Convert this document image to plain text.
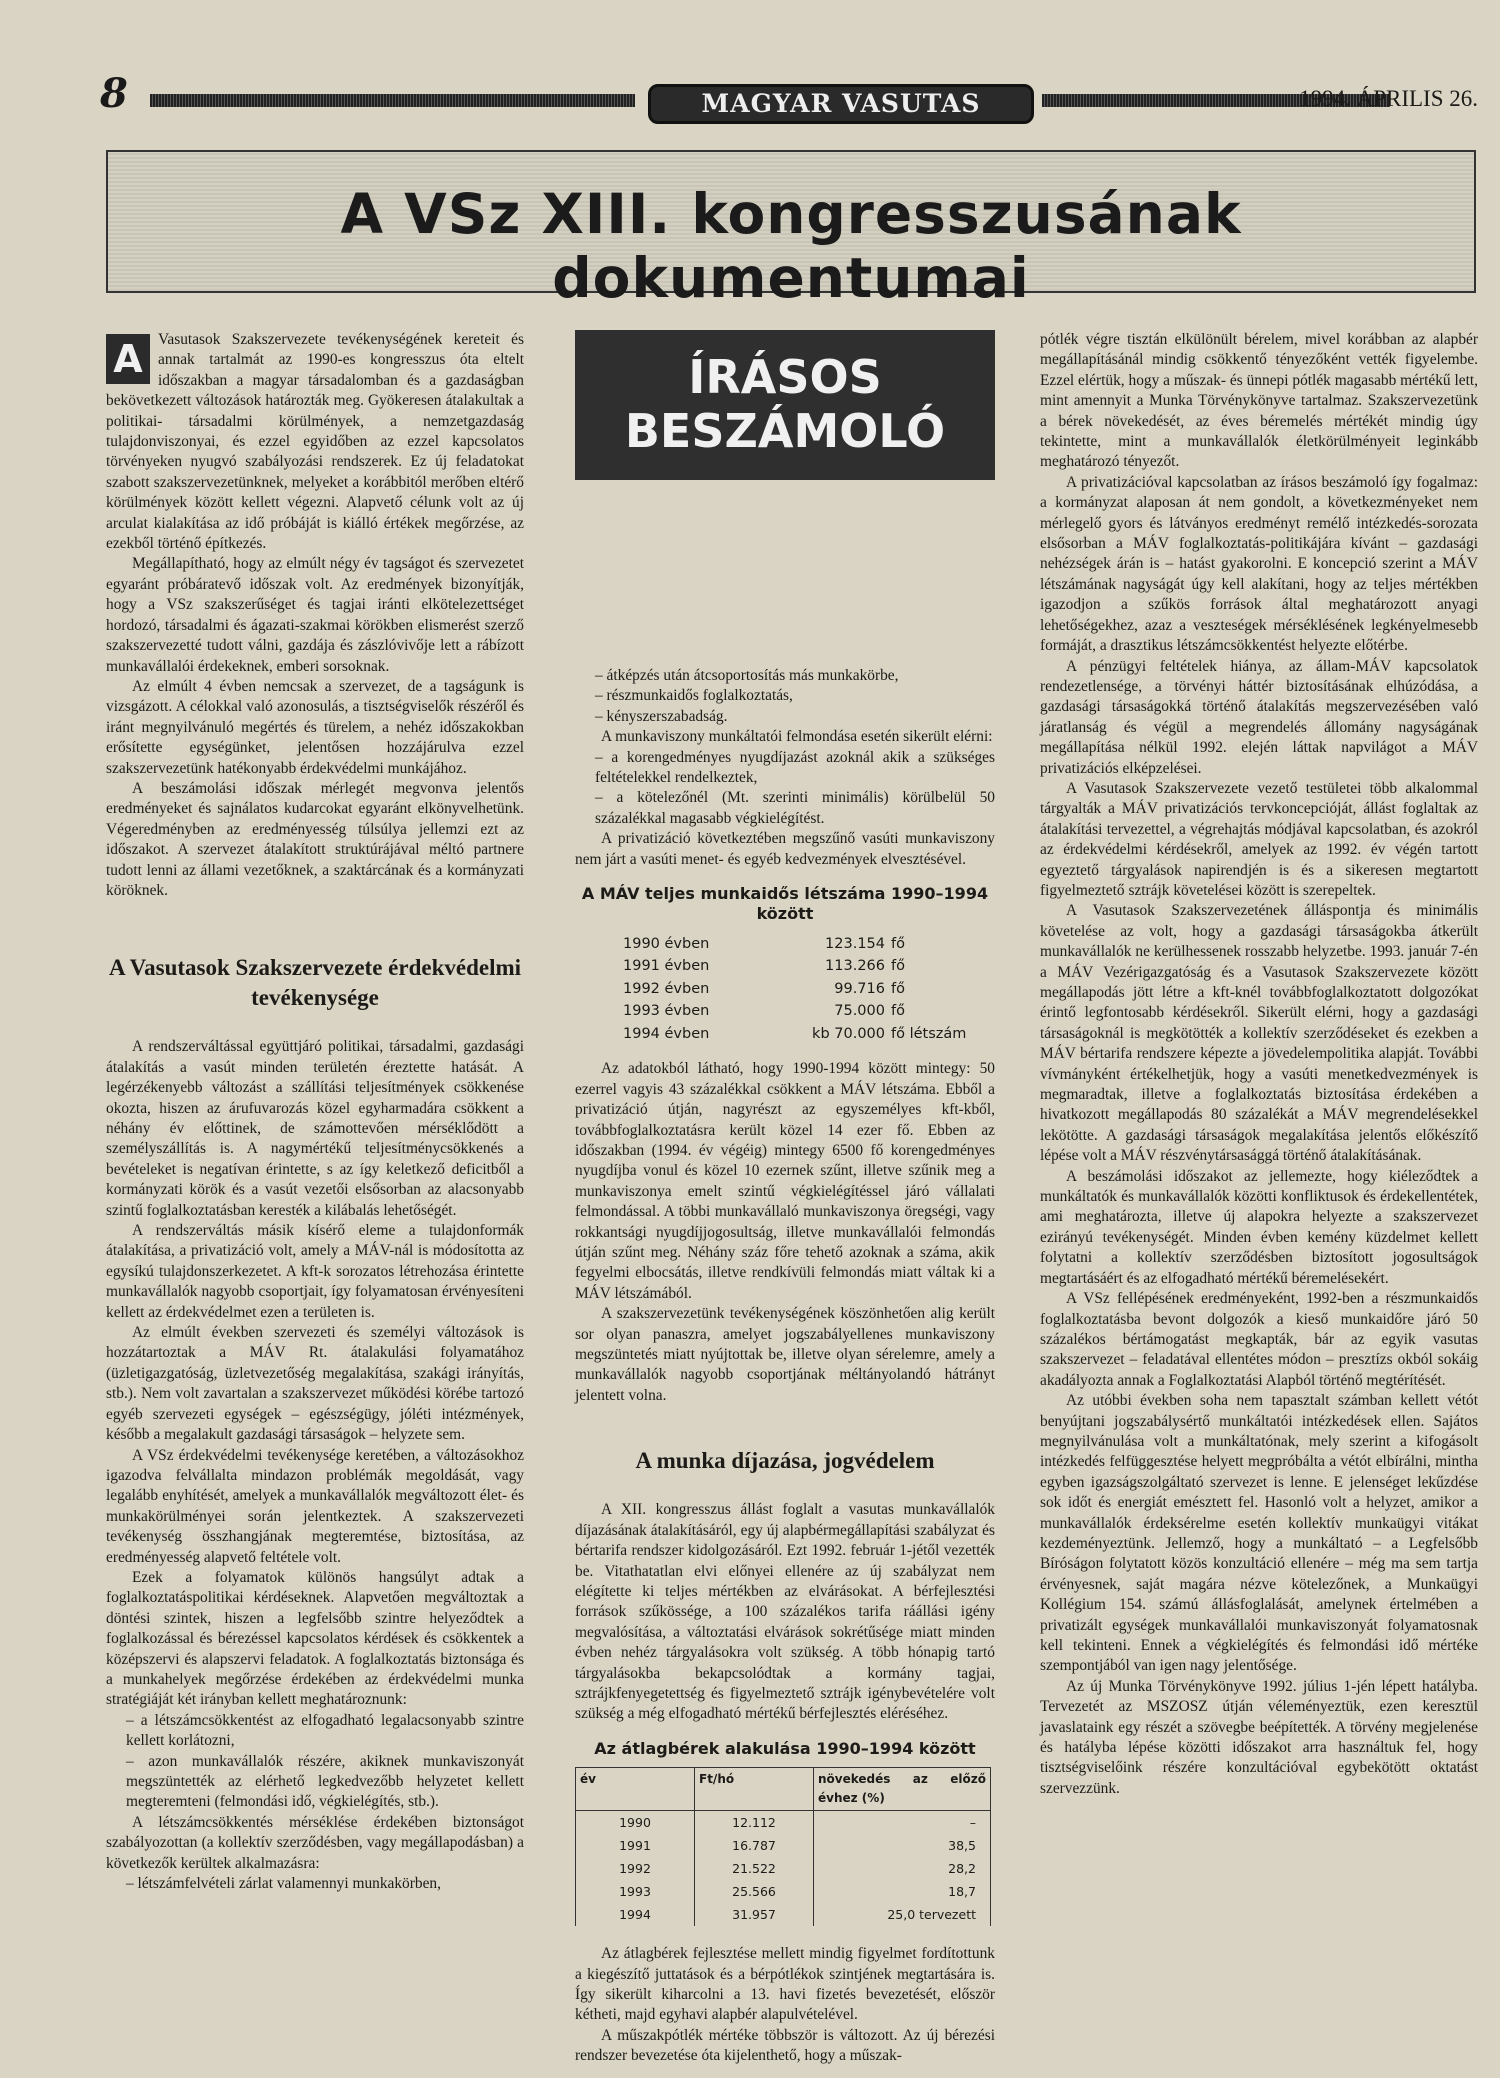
8	MAGYAR VASUTAS	1994. ÁPRILIS 26.
A VSz XIII. kongresszusának dokumentumai
A Vasutasok Szakszervezete tevékenységének kereteit és annak tartalmát az 1990-es kongresszus óta eltelt időszakban a magyar társadalomban és a gazdaságban bekövetkezett változások határozták meg. Gyökeresen átalakultak a politikai- társadalmi körülmények, a nemzetgazdaság tulajdonviszonyai, és ezzel egyidőben az ezzel kapcsolatos törvényeken nyugvó szabályozási rendszerek. Ez új feladatokat szabott szakszervezetünknek, melyeket a korábbitól merőben eltérő körülmények között kellett végezni. Alapvető célunk volt az új arculat kialakítása az idő próbáját is kiálló értékek megőrzése, az ezekből történő építkezés.

Megállapítható, hogy az elmúlt négy év tagságot és szervezetet egyaránt próbáratevő időszak volt. Az eredmények bizonyítják, hogy a VSz szakszerűséget és tagjai iránti elkötelezettséget hordozó, társadalmi és ágazati-szakmai körökben elismerést szerző szakszervezetté tudott válni, gazdája és zászlóvivője lett a rábízott munkavállalói érdekeknek, emberi sorsoknak.

Az elmúlt 4 évben nemcsak a szervezet, de a tagságunk is vizsgázott. A célokkal való azonosulás, a tisztségviselők részéről és iránt megnyilvánuló megértés és türelem, a nehéz időszakokban erősítette egységünket, jelentősen hozzájárulva ezzel szakszervezetünk hatékonyabb érdekvédelmi munkájához.

A beszámolási időszak mérlegét megvonva jelentős eredményeket és sajnálatos kudarcokat egyaránt elkönyvelhetünk. Végeredményben az eredményesség túlsúlya jellemzi ezt az időszakot. A szervezet átalakított struktúrájával méltó partnere tudott lenni az állami vezetőknek, a szaktárcának és a kormányzati köröknek.

A Vasutasok Szakszervezete érdekvédelmi tevékenysége

A rendszerváltással együttjáró politikai, társadalmi, gazdasági átalakítás a vasút minden területén éreztette hatását. A legérzékenyebb változást a szállítási teljesítmények csökkenése okozta, hiszen az árufuvarozás közel egyharmadára csökkent a néhány év előttinek, de számottevően mérséklődött a személyszállítás is. A nagymértékű teljesítménycsökkenés a bevételeket is negatívan érintette, s az így keletkező deficitből a kormányzati körök és a vasút vezetői elsősorban az alacsonyabb szintű foglalkoztatásban keresték a kilábalás lehetőségét.

A rendszerváltás másik kísérő eleme a tulajdonformák átalakítása, a privatizáció volt, amely a MÁV-nál is módosította az egysíkú tulajdonszerkezetet. A kft-k sorozatos létrehozása érintette munkavállalók nagyobb csoportjait, így folyamatosan érvényesíteni kellett az érdekvédelmet ezen a területen is.

Az elmúlt években szervezeti és személyi változások is hozzátartoztak a MÁV Rt. átalakulási folyamatához (üzletigazgatóság, üzletvezetőség megalakítása, szakági irányítás, stb.). Nem volt zavartalan a szakszervezet működési körébe tartozó egyéb szervezeti egységek – egészségügy, jóléti intézmények, később a megalakult gazdasági társaságok – helyzete sem.

A VSz érdekvédelmi tevékenysége keretében, a változásokhoz igazodva felvállalta mindazon problémák megoldását, vagy legalább enyhítését, amelyek a munkavállalók megváltozott élet- és munkakörülményei során jelentkeztek. A szakszervezeti tevékenység összhangjának megteremtése, biztosítása, az eredményesség alapvető feltétele volt.

Ezek a folyamatok különös hangsúlyt adtak a foglalkoztatáspolitikai kérdéseknek. Alapvetően megváltoztak a döntési szintek, hiszen a legfelsőbb szintre helyeződtek a foglalkozással és bérezéssel kapcsolatos kérdések és csökkentek a középszervi és alapszervi feladatok. A foglalkoztatás biztonsága és a munkahelyek megőrzése érdekében az érdekvédelmi munka stratégiáját két irányban kellett meghatároznunk:

– a létszámcsökkentést az elfogadható legalacsonyabb szintre kellett korlátozni,

– azon munkavállalók részére, akiknek munkaviszonyát megszüntették az elérhető legkedvezőbb helyzetet kellett megteremteni (felmondási idő, végkielégítés, stb.).

A létszámcsökkentés mérséklése érdekében biztonságot szabályozottan (a kollektív szerződésben, vagy megállapodásban) a következők kerültek alkalmazásra:

– létszámfelvételi zárlat valamennyi munkakörben,

ÍRÁSOS
BESZÁMOLÓ

– átképzés után átcsoportosítás más munkakörbe,

– részmunkaidős foglalkoztatás,

– kényszerszabadság.

A munkaviszony munkáltatói felmondása esetén sikerült elérni:

– a korengedményes nyugdíjazást azoknál akik a szükséges feltételekkel rendelkeztek,

– a kötelezőnél (Mt. szerinti minimális) körülbelül 50 százalékkal magasabb végkielégítést.

A privatizáció következtében megszűnő vasúti munkaviszony nem járt a vasúti menet- és egyéb kedvezmények elvesztésével.

A MÁV teljes munkaidős létszáma 1990–1994 között
1990 évben	123.154	fő
1991 évben	113.266	fő
1992 évben	99.716	fő
1993 évben	75.000	fő
1994 évben	kb 70.000	fő létszám

Az adatokból látható, hogy 1990-1994 között mintegy: 50 ezerrel vagyis 43 százalékkal csökkent a MÁV létszáma. Ebből a privatizáció útján, nagyrészt az egyszemélyes kft-kből, továbbfoglalkoztatásra került közel 14 ezer fő. Ebben az időszakban (1994. év végéig) mintegy 6500 fő korengedményes nyugdíjba vonul és közel 10 ezernek szűnt, illetve szűnik meg a munkaviszonya emelt szintű végkielégítéssel járó vállalati felmondással. A többi munkavállaló munkaviszonya öregségi, vagy rokkantsági nyugdíjjogosultság, illetve munkavállalói felmondás útján szűnt meg. Néhány száz főre tehető azoknak a száma, akik fegyelmi elbocsátás, illetve rendkívüli felmondás miatt váltak ki a MÁV létszámából.

A szakszervezetünk tevékenységének köszönhetően alig került sor olyan panaszra, amelyet jogszabályellenes munkaviszony megszüntetés miatt nyújtottak be, illetve olyan sérelemre, amely a munkavállalók nagyobb csoportjának méltányolandó hátrányt jelentett volna.

A munka díjazása, jogvédelem

A XII. kongresszus állást foglalt a vasutas munkavállalók díjazásának átalakításáról, egy új alapbérmegállapítási szabályzat és bértarifa rendszer kidolgozásáról. Ezt 1992. február 1-jétől vezették be. Vitathatatlan elvi előnyei ellenére az új szabályzat nem elégítette ki teljes mértékben az elvárásokat. A bérfejlesztési források szűkössége, a 100 százalékos tarifa ráállási igény megvalósítása, a változtatási elvárások sokrétűsége miatt minden évben nehéz tárgyalásokra volt szükség. A több hónapig tartó tárgyalásokba bekapcsolódtak a kormány tagjai, sztrájkfenyegetettség és figyelmeztető sztrájk igénybevételére volt szükség a még elfogadható mértékű bérfejlesztés eléréséhez.

Az átlagbérek alakulása 1990–1994 között
év	Ft/hó	növekedés az előző évhez (%)
1990	12.112	–
1991	16.787	38,5
1992	21.522	28,2
1993	25.566	18,7
1994	31.957	25,0 tervezett

Az átlagbérek fejlesztése mellett mindig figyelmet fordítottunk a kiegészítő juttatások és a bérpótlékok szintjének megtartására is. Így sikerült kiharcolni a 13. havi fizetés bevezetését, először kétheti, majd egyhavi alapbér alapulvételével.

A műszakpótlék mértéke többször is változott. Az új bérezési rendszer bevezetése óta kijelenthető, hogy a műszak-

pótlék végre tisztán elkülönült bérelem, mivel korábban az alapbér megállapításánál mindig csökkentő tényezőként vették figyelembe. Ezzel elértük, hogy a műszak- és ünnepi pótlék magasabb mértékű lett, mint amennyit a Munka Törvénykönyve tartalmaz. Szakszervezetünk a bérek növekedését, az éves béremelés mértékét mindig úgy tekintette, mint a munkavállalók életkörülményeit leginkább meghatározó tényezőt.

A privatizációval kapcsolatban az írásos beszámoló így fogalmaz: a kormányzat alaposan át nem gondolt, a következményeket nem mérlegelő gyors és látványos eredményt remélő intézkedés-sorozata elsősorban a MÁV foglalkoztatás-politikájára kívánt – gazdasági nehézségek árán is – hatást gyakorolni. E koncepció szerint a MÁV létszámának nagyságát úgy kell alakítani, hogy az teljes mértékben igazodjon a szűkös források által meghatározott anyagi lehetőségekhez, azaz a veszteségek mérséklésének legkényelmesebb formáját, a drasztikus létszámcsökkentést helyezte előtérbe.

A pénzügyi feltételek hiánya, az állam-MÁV kapcsolatok rendezetlensége, a törvényi háttér biztosításának elhúzódása, a gazdasági társaságokká történő átalakítás megszervezésében való járatlanság és végül a megrendelés állomány nagyságának megállapítása nélkül 1992. elején láttak napvilágot a MÁV privatizációs elképzelései.

A Vasutasok Szakszervezete vezető testületei több alkalommal tárgyalták a MÁV privatizációs tervkoncepcióját, állást foglaltak az átalakítási tervezettel, a végrehajtás módjával kapcsolatban, és azokról az érdekvédelmi kérdésekről, amelyek az 1992. év végén tartott egyeztető tárgyalások napirendjén is és a sikeresen megtartott figyelmeztető sztrájk követelései között is szerepeltek.

A Vasutasok Szakszervezetének álláspontja és minimális követelése az volt, hogy a gazdasági társaságokba átkerült munkavállalók ne kerülhessenek rosszabb helyzetbe. 1993. január 7-én a MÁV Vezérigazgatóság és a Vasutasok Szakszervezete között megállapodás jött létre a kft-knél továbbfoglalkoztatott dolgozókat érintő legfontosabb kérdésekről. Sikerült elérni, hogy a gazdasági társaságoknál is megkötötték a kollektív szerződéseket és ezekben a MÁV bértarifa rendszere képezte a jövedelempolitika alapját. További vívmányként értékelhetjük, hogy a vasúti menetkedvezmények is megmaradtak, illetve a foglalkoztatás biztosítása érdekében a hivatkozott megállapodás 80 százalékát a MÁV megrendelésekkel lekötötte. A gazdasági társaságok megalakítása jelentős előkészítő lépése volt a MÁV részvénytársasággá történő átalakításának.

A beszámolási időszakot az jellemezte, hogy kiéleződtek a munkáltatók és munkavállalók közötti konfliktusok és érdekellentétek, ami meghatározta, illetve új alapokra helyezte a szakszervezet ezirányú tevékenységét. Minden évben kemény küzdelmet kellett folytatni a kollektív szerződésben biztosított jogosultságok megtartásáért és az elfogadható mértékű béremelésekért.

A VSz fellépésének eredményeként, 1992-ben a részmunkaidős foglalkoztatásba bevont dolgozók a kieső munkaidőre járó 50 százalékos bértámogatást megkapták, bár az egyik vasutas szakszervezet – feladatával ellentétes módon – presztízs okból sokáig akadályozta annak a Foglalkoztatási Alapból történő megtérítését.

Az utóbbi években soha nem tapasztalt számban kellett vétót benyújtani jogszabálysértő munkáltatói intézkedések ellen. Sajátos megnyilvánulása volt a munkáltatónak, mely szerint a kifogásolt intézkedés felfüggesztése helyett megpróbálta a vétót elbírálni, mintha egyben igazságszolgáltató szervezet is lenne. E jelenséget lekűzdése sok időt és energiát emésztett fel. Hasonló volt a helyzet, amikor a munkavállalók érdeksérelme esetén kollektív munkaügyi vitákat kezdeményeztünk. Jellemző, hogy a munkáltató – a Legfelsőbb Bíróságon folytatott közös konzultáció ellenére – még ma sem tartja érvényesnek, saját magára nézve kötelezőnek, a Munkaügyi Kollégium 154. számú állásfoglalását, amelynek értelmében a privatizált egységek munkavállalói munkaviszonyát folyamatosnak kell tekinteni. Ennek a végkielégítés és felmondási idő mértéke szempontjából van igen nagy jelentősége.

Az új Munka Törvénykönyve 1992. július 1-jén lépett hatályba. Tervezetét az MSZOSZ útján véleményeztük, ezen keresztül javaslataink egy részét a szövegbe beépítették. A törvény megjelenése és hatályba lépése közötti időszakot arra használtuk fel, hogy tisztségviselőink részére konzultációval egybekötött oktatást szervezzünk.
